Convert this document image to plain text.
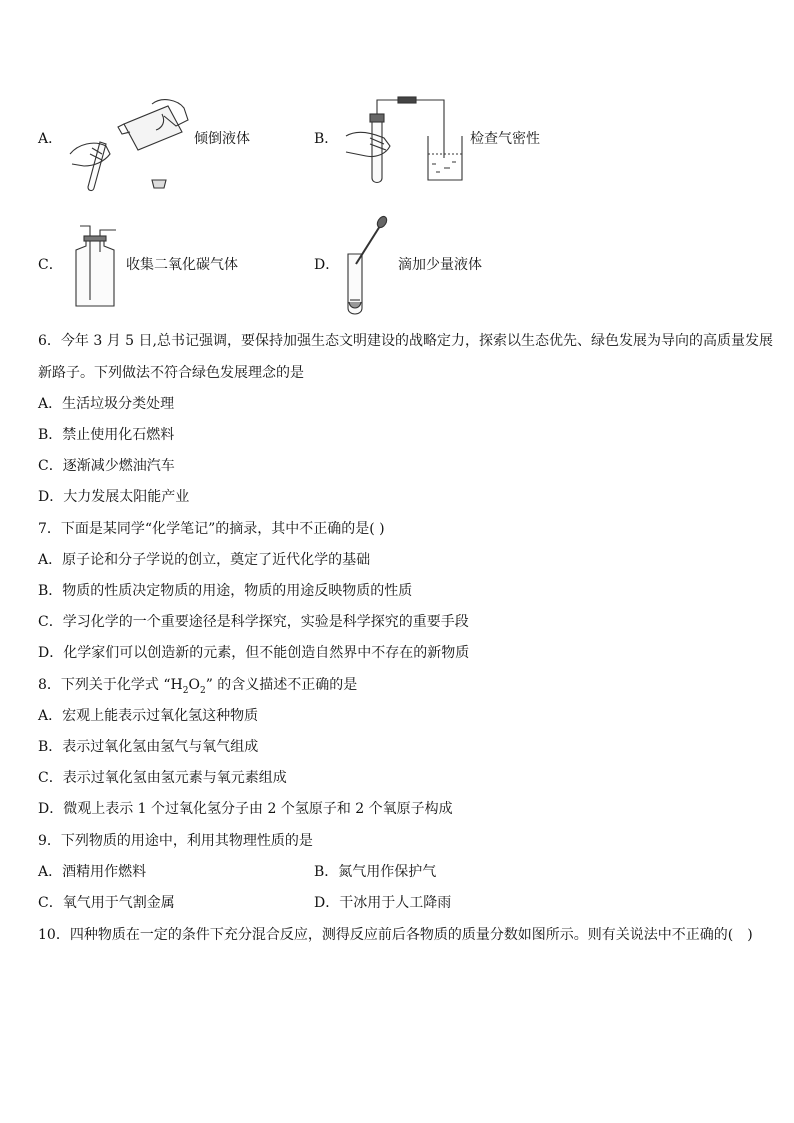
A．	倾倒液体	B．	检查气密性
C．	收集二氧化碳气体	D．	滴加少量液体
6．今年 3 月 5 日,总书记强调，要保持加强生态文明建设的战略定力，探索以生态优先、绿色发展为导向的高质量发展
新路子。下列做法不符合绿色发展理念的是
A．生活垃圾分类处理
B．禁止使用化石燃料
C．逐渐减少燃油汽车
D．大力发展太阳能产业
7．下面是某同学“化学笔记”的摘录，其中不正确的是( )
A．原子论和分子学说的创立，奠定了近代化学的基础
B．物质的性质决定物质的用途，物质的用途反映物质的性质
C．学习化学的一个重要途径是科学探究，实验是科学探究的重要手段
D．化学家们可以创造新的元素，但不能创造自然界中不存在的新物质
8．下列关于化学式 “$H_2O_2$” 的含义描述不正确的是
A．宏观上能表示过氧化氢这种物质
B．表示过氧化氢由氢气与氧气组成
C．表示过氧化氢由氢元素与氧元素组成
D．微观上表示 1 个过氧化氢分子由 2 个氢原子和 2 个氧原子构成
9．下列物质的用途中，利用其物理性质的是
A．酒精用作燃料	B．氮气用作保护气
C．氧气用于气割金属	D．干冰用于人工降雨
10．四种物质在一定的条件下充分混合反应，测得反应前后各物质的质量分数如图所示。则有关说法中不正确的(　)
